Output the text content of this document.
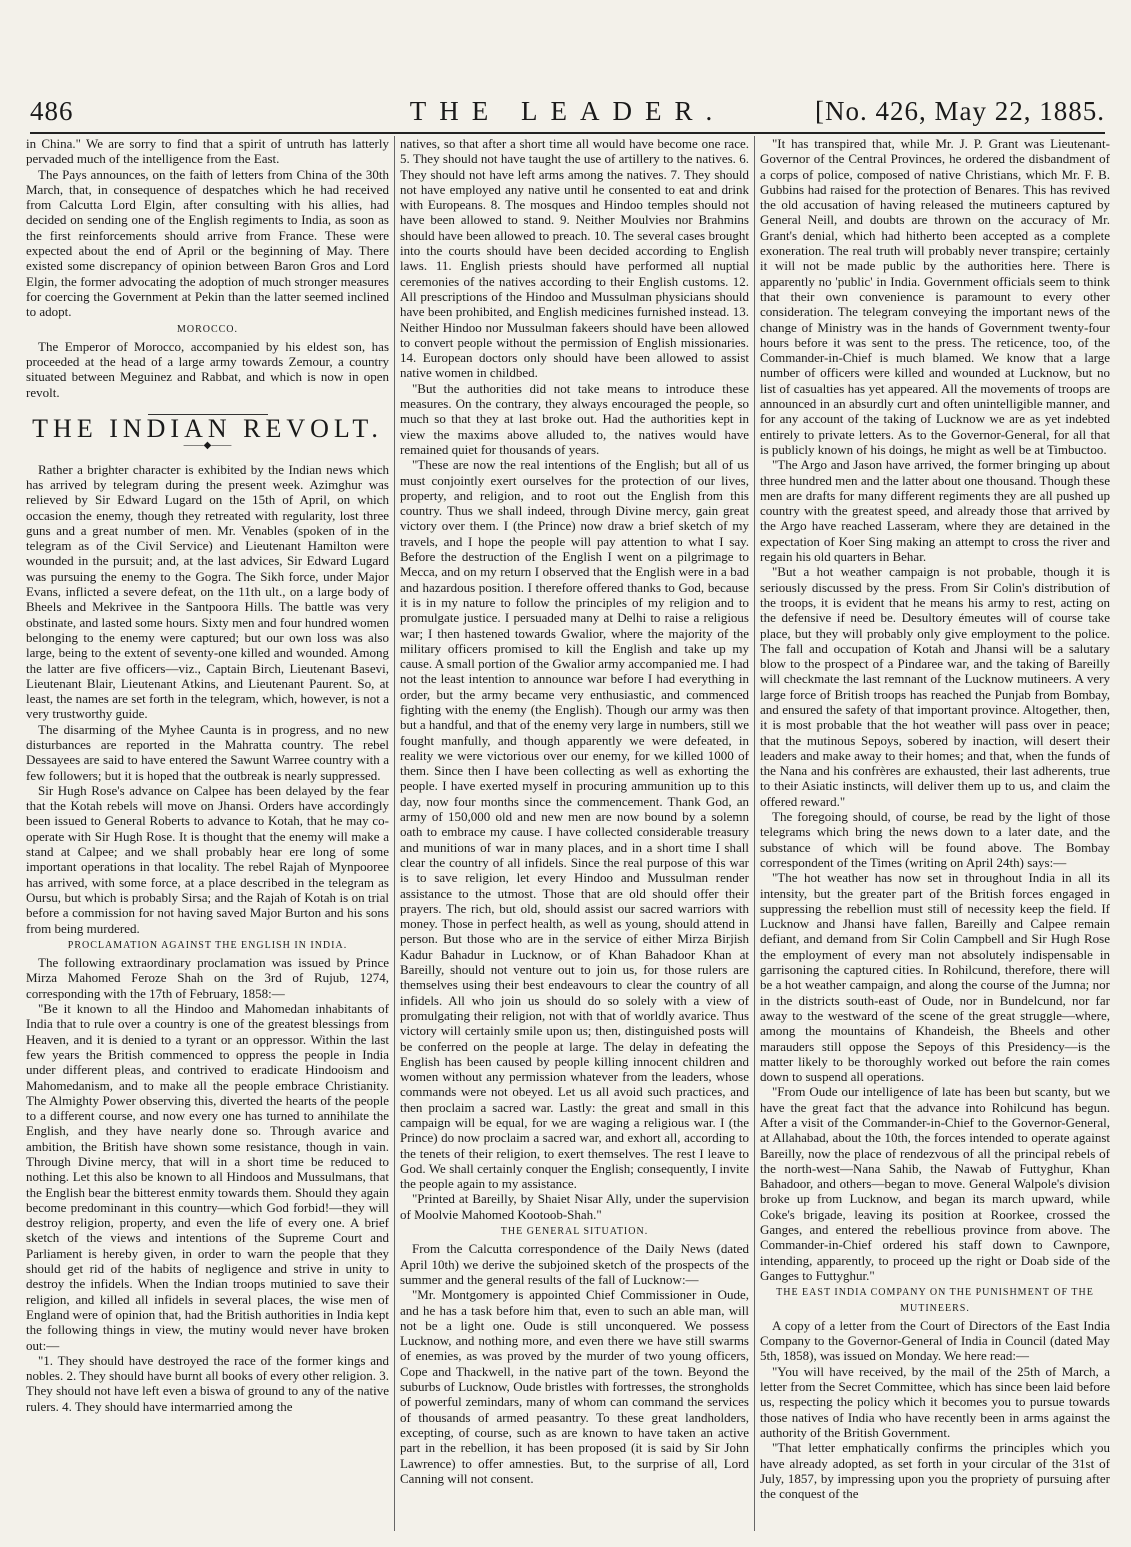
486	THE LEADER.	[No. 426, May 22, 1885.

in China." We are sorry to find that a spirit of untruth has latterly pervaded much of the intelligence from the East.

The Pays announces, on the faith of letters from China of the 30th March, that, in consequence of despatches which he had received from Calcutta Lord Elgin, after consulting with his allies, had decided on sending one of the English regiments to India, as soon as the first reinforcements should arrive from France. These were expected about the end of April or the beginning of May. There existed some discrepancy of opinion between Baron Gros and Lord Elgin, the former advocating the adoption of much stronger measures for coercing the Government at Pekin than the latter seemed inclined to adopt.

MOROCCO.

The Emperor of Morocco, accompanied by his eldest son, has proceeded at the head of a large army towards Zemour, a country situated between Meguinez and Rabbat, and which is now in open revolt.

THE INDIAN REVOLT.
——◆——

Rather a brighter character is exhibited by the Indian news which has arrived by telegram during the present week. Azimghur was relieved by Sir Edward Lugard on the 15th of April, on which occasion the enemy, though they retreated with regularity, lost three guns and a great number of men. Mr. Venables (spoken of in the telegram as of the Civil Service) and Lieutenant Hamilton were wounded in the pursuit; and, at the last advices, Sir Edward Lugard was pursuing the enemy to the Gogra. The Sikh force, under Major Evans, inflicted a severe defeat, on the 11th ult., on a large body of Bheels and Mekrivee in the Santpoora Hills. The battle was very obstinate, and lasted some hours. Sixty men and four hundred women belonging to the enemy were captured; but our own loss was also large, being to the extent of seventy-one killed and wounded. Among the latter are five officers—viz., Captain Birch, Lieutenant Basevi, Lieutenant Blair, Lieutenant Atkins, and Lieutenant Paurent. So, at least, the names are set forth in the telegram, which, however, is not a very trustworthy guide.

The disarming of the Myhee Caunta is in progress, and no new disturbances are reported in the Mahratta country. The rebel Dessayees are said to have entered the Sawunt Warree country with a few followers; but it is hoped that the outbreak is nearly suppressed.

Sir Hugh Rose's advance on Calpee has been delayed by the fear that the Kotah rebels will move on Jhansi. Orders have accordingly been issued to General Roberts to advance to Kotah, that he may co-operate with Sir Hugh Rose. It is thought that the enemy will make a stand at Calpee; and we shall probably hear ere long of some important operations in that locality. The rebel Rajah of Mynpooree has arrived, with some force, at a place described in the telegram as Oursu, but which is probably Sirsa; and the Rajah of Kotah is on trial before a commission for not having saved Major Burton and his sons from being murdered.

PROCLAMATION AGAINST THE ENGLISH IN INDIA.

The following extraordinary proclamation was issued by Prince Mirza Mahomed Feroze Shah on the 3rd of Rujub, 1274, corresponding with the 17th of February, 1858:—

"Be it known to all the Hindoo and Mahomedan inhabitants of India that to rule over a country is one of the greatest blessings from Heaven, and it is denied to a tyrant or an oppressor. Within the last few years the British commenced to oppress the people in India under different pleas, and contrived to eradicate Hindooism and Mahomedanism, and to make all the people embrace Christianity. The Almighty Power observing this, diverted the hearts of the people to a different course, and now every one has turned to annihilate the English, and they have nearly done so. Through avarice and ambition, the British have shown some resistance, though in vain. Through Divine mercy, that will in a short time be reduced to nothing. Let this also be known to all Hindoos and Mussulmans, that the English bear the bitterest enmity towards them. Should they again become predominant in this country—which God forbid!—they will destroy religion, property, and even the life of every one. A brief sketch of the views and intentions of the Supreme Court and Parliament is hereby given, in order to warn the people that they should get rid of the habits of negligence and strive in unity to destroy the infidels. When the Indian troops mutinied to save their religion, and killed all infidels in several places, the wise men of England were of opinion that, had the British authorities in India kept the following things in view, the mutiny would never have broken out:—

"1. They should have destroyed the race of the former kings and nobles. 2. They should have burnt all books of every other religion. 3. They should not have left even a biswa of ground to any of the native rulers. 4. They should have intermarried among the

natives, so that after a short time all would have become one race. 5. They should not have taught the use of artillery to the natives. 6. They should not have left arms among the natives. 7. They should not have employed any native until he consented to eat and drink with Europeans. 8. The mosques and Hindoo temples should not have been allowed to stand. 9. Neither Moulvies nor Brahmins should have been allowed to preach. 10. The several cases brought into the courts should have been decided according to English laws. 11. English priests should have performed all nuptial ceremonies of the natives according to their English customs. 12. All prescriptions of the Hindoo and Mussulman physicians should have been prohibited, and English medicines furnished instead. 13. Neither Hindoo nor Mussulman fakeers should have been allowed to convert people without the permission of English missionaries. 14. European doctors only should have been allowed to assist native women in childbed.

"But the authorities did not take means to introduce these measures. On the contrary, they always encouraged the people, so much so that they at last broke out. Had the authorities kept in view the maxims above alluded to, the natives would have remained quiet for thousands of years.

"These are now the real intentions of the English; but all of us must conjointly exert ourselves for the protection of our lives, property, and religion, and to root out the English from this country. Thus we shall indeed, through Divine mercy, gain great victory over them. I (the Prince) now draw a brief sketch of my travels, and I hope the people will pay attention to what I say. Before the destruction of the English I went on a pilgrimage to Mecca, and on my return I observed that the English were in a bad and hazardous position. I therefore offered thanks to God, because it is in my nature to follow the principles of my religion and to promulgate justice. I persuaded many at Delhi to raise a religious war; I then hastened towards Gwalior, where the majority of the military officers promised to kill the English and take up my cause. A small portion of the Gwalior army accompanied me. I had not the least intention to announce war before I had everything in order, but the army became very enthusiastic, and commenced fighting with the enemy (the English). Though our army was then but a handful, and that of the enemy very large in numbers, still we fought manfully, and though apparently we were defeated, in reality we were victorious over our enemy, for we killed 1000 of them. Since then I have been collecting as well as exhorting the people. I have exerted myself in procuring ammunition up to this day, now four months since the commencement. Thank God, an army of 150,000 old and new men are now bound by a solemn oath to embrace my cause. I have collected considerable treasury and munitions of war in many places, and in a short time I shall clear the country of all infidels. Since the real purpose of this war is to save religion, let every Hindoo and Mussulman render assistance to the utmost. Those that are old should offer their prayers. The rich, but old, should assist our sacred warriors with money. Those in perfect health, as well as young, should attend in person. But those who are in the service of either Mirza Birjish Kadur Bahadur in Lucknow, or of Khan Bahadoor Khan at Bareilly, should not venture out to join us, for those rulers are themselves using their best endeavours to clear the country of all infidels. All who join us should do so solely with a view of promulgating their religion, not with that of worldly avarice. Thus victory will certainly smile upon us; then, distinguished posts will be conferred on the people at large. The delay in defeating the English has been caused by people killing innocent children and women without any permission whatever from the leaders, whose commands were not obeyed. Let us all avoid such practices, and then proclaim a sacred war. Lastly: the great and small in this campaign will be equal, for we are waging a religious war. I (the Prince) do now proclaim a sacred war, and exhort all, according to the tenets of their religion, to exert themselves. The rest I leave to God. We shall certainly conquer the English; consequently, I invite the people again to my assistance.

"Printed at Bareilly, by Shaiet Nisar Ally, under the supervision of Moolvie Mahomed Kootoob-Shah."

THE GENERAL SITUATION.

From the Calcutta correspondence of the Daily News (dated April 10th) we derive the subjoined sketch of the prospects of the summer and the general results of the fall of Lucknow:—

"Mr. Montgomery is appointed Chief Commissioner in Oude, and he has a task before him that, even to such an able man, will not be a light one. Oude is still unconquered. We possess Lucknow, and nothing more, and even there we have still swarms of enemies, as was proved by the murder of two young officers, Cope and Thackwell, in the native part of the town. Beyond the suburbs of Lucknow, Oude bristles with fortresses, the strongholds of powerful zemindars, many of whom can command the services of thousands of armed peasantry. To these great landholders, excepting, of course, such as are known to have taken an active part in the rebellion, it has been proposed (it is said by Sir John Lawrence) to offer amnesties. But, to the surprise of all, Lord Canning will not consent.

"It has transpired that, while Mr. J. P. Grant was Lieutenant-Governor of the Central Provinces, he ordered the disbandment of a corps of police, composed of native Christians, which Mr. F. B. Gubbins had raised for the protection of Benares. This has revived the old accusation of having released the mutineers captured by General Neill, and doubts are thrown on the accuracy of Mr. Grant's denial, which had hitherto been accepted as a complete exoneration. The real truth will probably never transpire; certainly it will not be made public by the authorities here. There is apparently no 'public' in India. Government officials seem to think that their own convenience is paramount to every other consideration. The telegram conveying the important news of the change of Ministry was in the hands of Government twenty-four hours before it was sent to the press. The reticence, too, of the Commander-in-Chief is much blamed. We know that a large number of officers were killed and wounded at Lucknow, but no list of casualties has yet appeared. All the movements of troops are announced in an absurdly curt and often unintelligible manner, and for any account of the taking of Lucknow we are as yet indebted entirely to private letters. As to the Governor-General, for all that is publicly known of his doings, he might as well be at Timbuctoo.

"The Argo and Jason have arrived, the former bringing up about three hundred men and the latter about one thousand. Though these men are drafts for many different regiments they are all pushed up country with the greatest speed, and already those that arrived by the Argo have reached Lasseram, where they are detained in the expectation of Koer Sing making an attempt to cross the river and regain his old quarters in Behar.

"But a hot weather campaign is not probable, though it is seriously discussed by the press. From Sir Colin's distribution of the troops, it is evident that he means his army to rest, acting on the defensive if need be. Desultory émeutes will of course take place, but they will probably only give employment to the police. The fall and occupation of Kotah and Jhansi will be a salutary blow to the prospect of a Pindaree war, and the taking of Bareilly will checkmate the last remnant of the Lucknow mutineers. A very large force of British troops has reached the Punjab from Bombay, and ensured the safety of that important province. Altogether, then, it is most probable that the hot weather will pass over in peace; that the mutinous Sepoys, sobered by inaction, will desert their leaders and make away to their homes; and that, when the funds of the Nana and his confrères are exhausted, their last adherents, true to their Asiatic instincts, will deliver them up to us, and claim the offered reward."

The foregoing should, of course, be read by the light of those telegrams which bring the news down to a later date, and the substance of which will be found above. The Bombay correspondent of the Times (writing on April 24th) says:—

"The hot weather has now set in throughout India in all its intensity, but the greater part of the British forces engaged in suppressing the rebellion must still of necessity keep the field. If Lucknow and Jhansi have fallen, Bareilly and Calpee remain defiant, and demand from Sir Colin Campbell and Sir Hugh Rose the employment of every man not absolutely indispensable in garrisoning the captured cities. In Rohilcund, therefore, there will be a hot weather campaign, and along the course of the Jumna; nor in the districts south-east of Oude, nor in Bundelcund, nor far away to the westward of the scene of the great struggle—where, among the mountains of Khandeish, the Bheels and other marauders still oppose the Sepoys of this Presidency—is the matter likely to be thoroughly worked out before the rain comes down to suspend all operations.

"From Oude our intelligence of late has been but scanty, but we have the great fact that the advance into Rohilcund has begun. After a visit of the Commander-in-Chief to the Governor-General, at Allahabad, about the 10th, the forces intended to operate against Bareilly, now the place of rendezvous of all the principal rebels of the north-west—Nana Sahib, the Nawab of Futtyghur, Khan Bahadoor, and others—began to move. General Walpole's division broke up from Lucknow, and began its march upward, while Coke's brigade, leaving its position at Roorkee, crossed the Ganges, and entered the rebellious province from above. The Commander-in-Chief ordered his staff down to Cawnpore, intending, apparently, to proceed up the right or Doab side of the Ganges to Futtyghur."

THE EAST INDIA COMPANY ON THE PUNISHMENT OF THE MUTINEERS.

A copy of a letter from the Court of Directors of the East India Company to the Governor-General of India in Council (dated May 5th, 1858), was issued on Monday. We here read:—

"You will have received, by the mail of the 25th of March, a letter from the Secret Committee, which has since been laid before us, respecting the policy which it becomes you to pursue towards those natives of India who have recently been in arms against the authority of the British Government.

"That letter emphatically confirms the principles which you have already adopted, as set forth in your circular of the 31st of July, 1857, by impressing upon you the propriety of pursuing after the conquest of the
